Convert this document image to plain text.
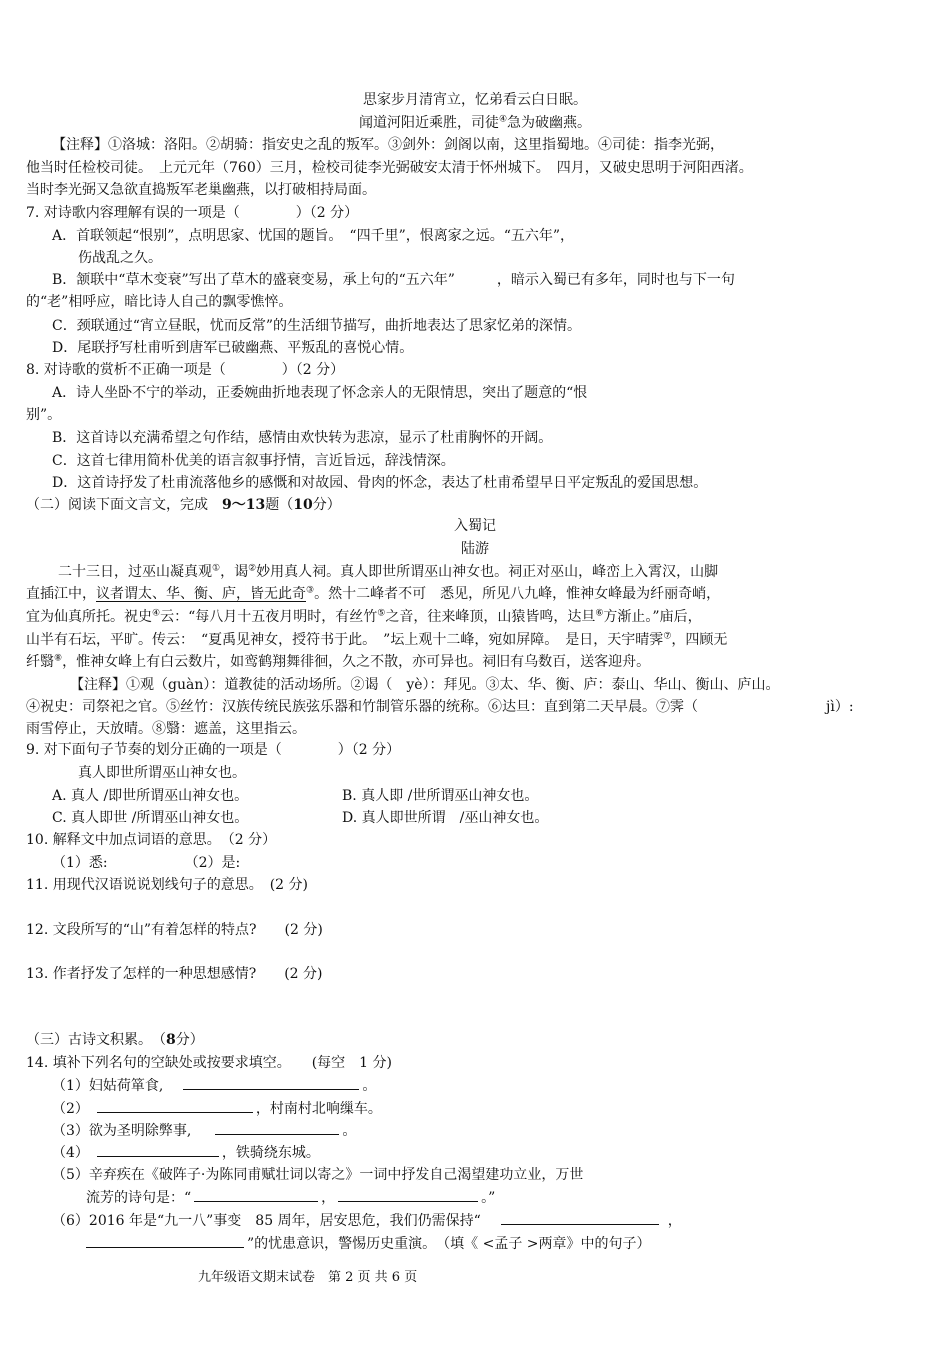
思家步月清宵立，忆弟看云白日眠。
闻道河阳近乘胜，司徒④急为破幽燕。
【注释】①洛城：洛阳。②胡骑：指安史之乱的叛军。③剑外：剑阁以南，这里指蜀地。④司徒：指李光弼，
他当时任检校司徒。　上元元年（760）三月，检校司徒李光弼破安太清于怀州城下。　四月，又破史思明于河阳西渚。
当时李光弼又急欲直捣叛军老巢幽燕，以打破相持局面。
7. 对诗歌内容理解有误的一项是（　　　　）（2 分）
A．首联领起“恨别”，点明思家、忧国的题旨。　“四千里”，恨离家之远。“五六年”，
伤战乱之久。
B．颔联中“草木变衰”写出了草木的盛衰变易，承上句的“五六年”　　　，暗示入蜀已有多年，同时也与下一句
的“老”相呼应，暗比诗人自己的飘零憔悴。
C．颈联通过“宵立昼眠，忧而反常”的生活细节描写，曲折地表达了思家忆弟的深情。
D．尾联抒写杜甫听到唐军已破幽燕、平叛乱的喜悦心情。
8. 对诗歌的赏析不正确一项是（　　　　）（2 分）
A．诗人坐卧不宁的举动，正委婉曲折地表现了怀念亲人的无限情思，突出了题意的“恨
别”。
B．这首诗以充满希望之句作结，感情由欢快转为悲凉，显示了杜甫胸怀的开阔。
C．这首七律用简朴优美的语言叙事抒情，言近旨远，辞浅情深。
D．这首诗抒发了杜甫流落他乡的感慨和对故园、骨肉的怀念，表达了杜甫希望早日平定叛乱的爱国思想。
（二）阅读下面文言文，完成　 9～13题（10分）
入蜀记
陆游
二十三日，过巫山凝真观①，谒②妙用真人祠。真人即世所谓巫山神女也。祠正对巫山，峰峦上入霄汉，山脚
直插江中，议者谓太、华、衡、庐，皆无此奇③。然十二峰者不可　悉见，所见八九峰，惟神女峰最为纤丽奇峭，
宜为仙真所托。祝史④云：“每八月十五夜月明时，有丝竹⑤之音，往来峰顶，山猿皆鸣，达旦⑥方渐止。”庙后，
山半有石坛，平旷。传云：　“夏禹见神女，授符书于此。　”坛上观十二峰，宛如屏障。　是日，天宇晴霁⑦，四顾无
纤翳⑧，惟神女峰上有白云数片，如鸾鹤翔舞徘徊，久之不散，亦可异也。祠旧有乌数百，送客迎舟。
【注释】①观（guàn）：道教徒的活动场所。②谒（　yè）：拜见。③太、华、衡、庐：泰山、华山、衡山、庐山。
④祝史：司祭祀之官。⑤丝竹：汉族传统民族弦乐器和竹制管乐器的统称。⑥达旦：直到第二天早晨。⑦霁（	jì）:
雨雪停止，天放晴。⑧翳：遮盖，这里指云。
9. 对下面句子节奏的划分正确的一项是（　　　　）（2 分）
真人即世所谓巫山神女也。
A. 真人 /即世所谓巫山神女也。	B. 真人即 /世所谓巫山神女也。
C. 真人即世 /所谓巫山神女也。	D. 真人即世所谓　/巫山神女也。
10. 解释文中加点词语的意思。　（2 分）
（1）悉:　　　　　　（2）是:
11. 用现代汉语说说划线句子的意思。　(2 分)
12. 文段所写的“山”有着怎样的特点?　　(2 分)
13. 作者抒发了怎样的一种思想感情?　　(2 分)
（三）古诗文积累。　（8分）
14. 填补下列名句的空缺处或按要求填空。　　(每空　1 分)
（1）妇姑荷箪食,	。
（2）	，村南村北响缫车。
（3）欲为圣明除弊事,	。
（4）	，铁骑绕东城。
（5）辛弃疾在《破阵子·为陈同甫赋壮词以寄之》一词中抒发自己渴望建功立业，万世
流芳的诗句是：“	，	。”
（6）2016 年是“九一八”事变　85 周年，居安思危，我们仍需保持“	，
”的忧患意识，警惕历史重演。　（填《 <孟子 >两章》中的句子）
九年级语文期末试卷　第 2 页 共 6 页
